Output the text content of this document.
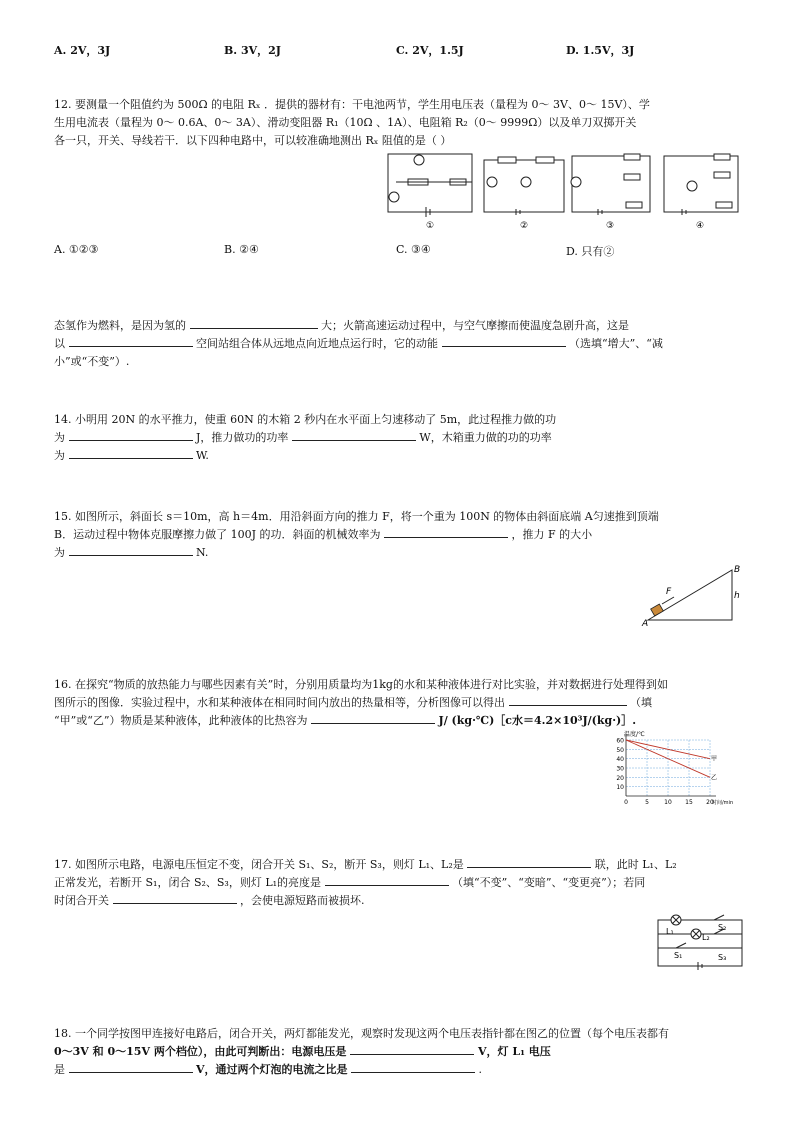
A. 2V，3J	B. 3V，2J	C. 2V，1.5J	D. 1.5V，3J
12. 要测量一个阻值约为 500Ω 的电阻 Rₓ ．提供的器材有：干电池两节，学生用电压表（量程为 0～ 3V、0～ 15V）、学
生用电流表（量程为 0～ 0.6A、0～ 3A）、滑动变阻器 R₁（10Ω 、1A）、电阻箱 R₂（0～ 9999Ω）以及单刀双掷开关
各一只，开关、导线若干．以下四种电路中，可以较准确地测出 Rₓ 阻值的是（ ）
①	②	③	④
A. ①②③	B. ②④	C. ③④	D. 只有②
态氢作为燃料，是因为氢的	大；火箭高速运动过程中，与空气摩擦而使温度急剧升高，这是
以	空间站组合体从远地点向近地点运行时，它的动能	（选填“增大”、“减
小”或“不变”）.
14. 小明用 20N 的水平推力，使重 60N 的木箱 2 秒内在水平面上匀速移动了 5m，此过程推力做的功
为	J，推力做功的功率	W，木箱重力做的功的功率
为	W.
15. 如图所示，斜面长 s＝10m，高 h＝4m．用沿斜面方向的推力 F，将一个重为 100N 的物体由斜面底端 A匀速推到顶端
B．运动过程中物体克服摩擦力做了 100J 的功．斜面的机械效率为	，推力 F 的大小
为	N.
A
B
h
F
16. 在探究“物质的放热能力与哪些因素有关”时，分别用质量均为1kg的水和某种液体进行对比实验，并对数据进行处理得到如
图所示的图像．实验过程中，水和某种液体在相同时间内放出的热量相等，分析图像可以得出	（填
“甲”或“乙”）物质是某种液体，此种液体的比热容为	J/ (kg·℃)［c水＝4.2×10³J/(kg·)］.
10
20
30
40
50
60
0	5	10 15 20
温度/℃
时间/min
甲
乙
17. 如图所示电路，电源电压恒定不变，闭合开关 S₁、S₂，断开 S₃，则灯 L₁、L₂是	联，此时 L₁、L₂
正常发光，若断开 S₁，闭合 S₂、S₃，则灯 L₁的亮度是	（填“不变”、“变暗”、“变更亮”）；若同
时闭合开关	，会使电源短路而被损坏.
L₁
L₂
S₁
S₂
S₃
18. 一个同学按图甲连接好电路后，闭合开关，两灯都能发光，观察时发现这两个电压表指针都在图乙的位置（每个电压表都有
0～3V 和 0～15V 两个档位），由此可判断出：电源电压是	V，灯 L₁ 电压
是	V，通过两个灯泡的电流之比是	.
